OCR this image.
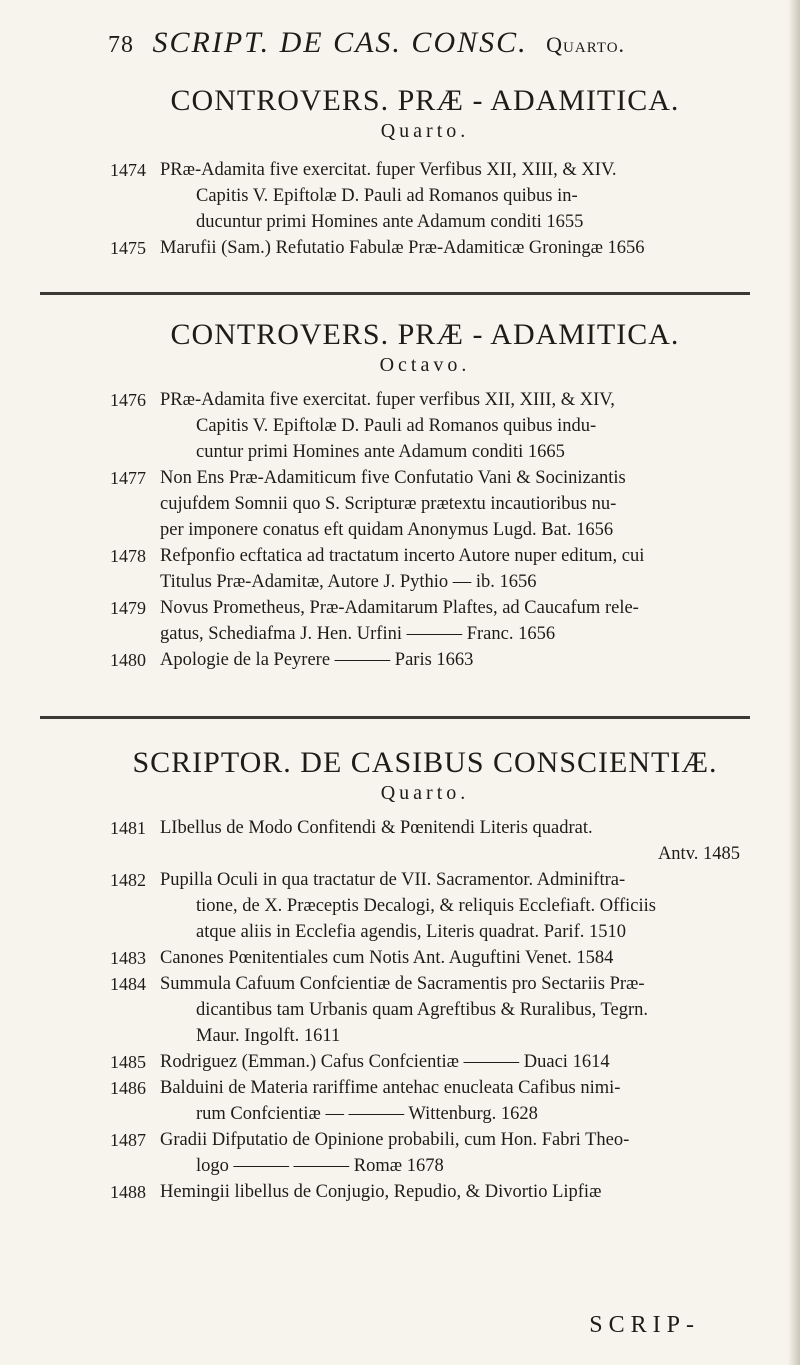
78 SCRIPT. DE CAS. CONSC. Quarto.
CONTROVERS. PRÆ - ADAMITICA.
Quarto.
1474 PRæ-Adamita five exercitat. fuper Verfibus XII, XIII, & XIV.
Capitis V. Epiftolæ D. Pauli ad Romanos quibus in-
ducuntur primi Homines ante Adamum conditi 1655
1475 Marufii (Sam.) Refutatio Fabulæ Præ-Adamiticæ Groningæ 1656
CONTROVERS. PRÆ - ADAMITICA.
Octavo.
1476 PRæ-Adamita five exercitat. fuper verfibus XII, XIII, & XIV,
Capitis V. Epiftolæ D. Pauli ad Romanos quibus indu-
cuntur primi Homines ante Adamum conditi 1665
1477 Non Ens Præ-Adamiticum five Confutatio Vani & Socinizantis
cujufdem Somnii quo S. Scripturæ prætextu incautioribus nu-
per imponere conatus eft quidam Anonymus Lugd. Bat. 1656
1478 Refponfio ecftatica ad tractatum incerto Autore nuper editum, cui
Titulus Præ-Adamitæ, Autore J. Pythio — ib. 1656
1479 Novus Prometheus, Præ-Adamitarum Plaftes, ad Caucafum rele-
gatus, Schediafma J. Hen. Urfini ——— Franc. 1656
1480 Apologie de la Peyrere ——— Paris 1663
SCRIPTOR. DE CASIBUS CONSCIENTIÆ.
Quarto.
1481 LIbellus de Modo Confitendi & Pœnitendi Literis quadrat.
Antv. 1485
1482 Pupilla Oculi in qua tractatur de VII. Sacramentor. Adminiftra-
tione, de X. Præceptis Decalogi, & reliquis Ecclefiaft. Officiis
atque aliis in Ecclefia agendis, Literis quadrat. Parif. 1510
1483 Canones Pœnitentiales cum Notis Ant. Auguftini Venet. 1584
1484 Summula Cafuum Confcientiæ de Sacramentis pro Sectariis Præ-
dicantibus tam Urbanis quam Agreftibus & Ruralibus, Tegrn.
Maur. Ingolft. 1611
1485 Rodriguez (Emman.) Cafus Confcientiæ ——— Duaci 1614
1486 Balduini de Materia rariffime antehac enucleata Cafibus nimi-
rum Confcientiæ — ——— Wittenburg. 1628
1487 Gradii Difputatio de Opinione probabili, cum Hon. Fabri Theo-
logo ——— ——— Romæ 1678
1488 Hemingii libellus de Conjugio, Repudio, & Divortio Lipfiæ
SCRIP-
